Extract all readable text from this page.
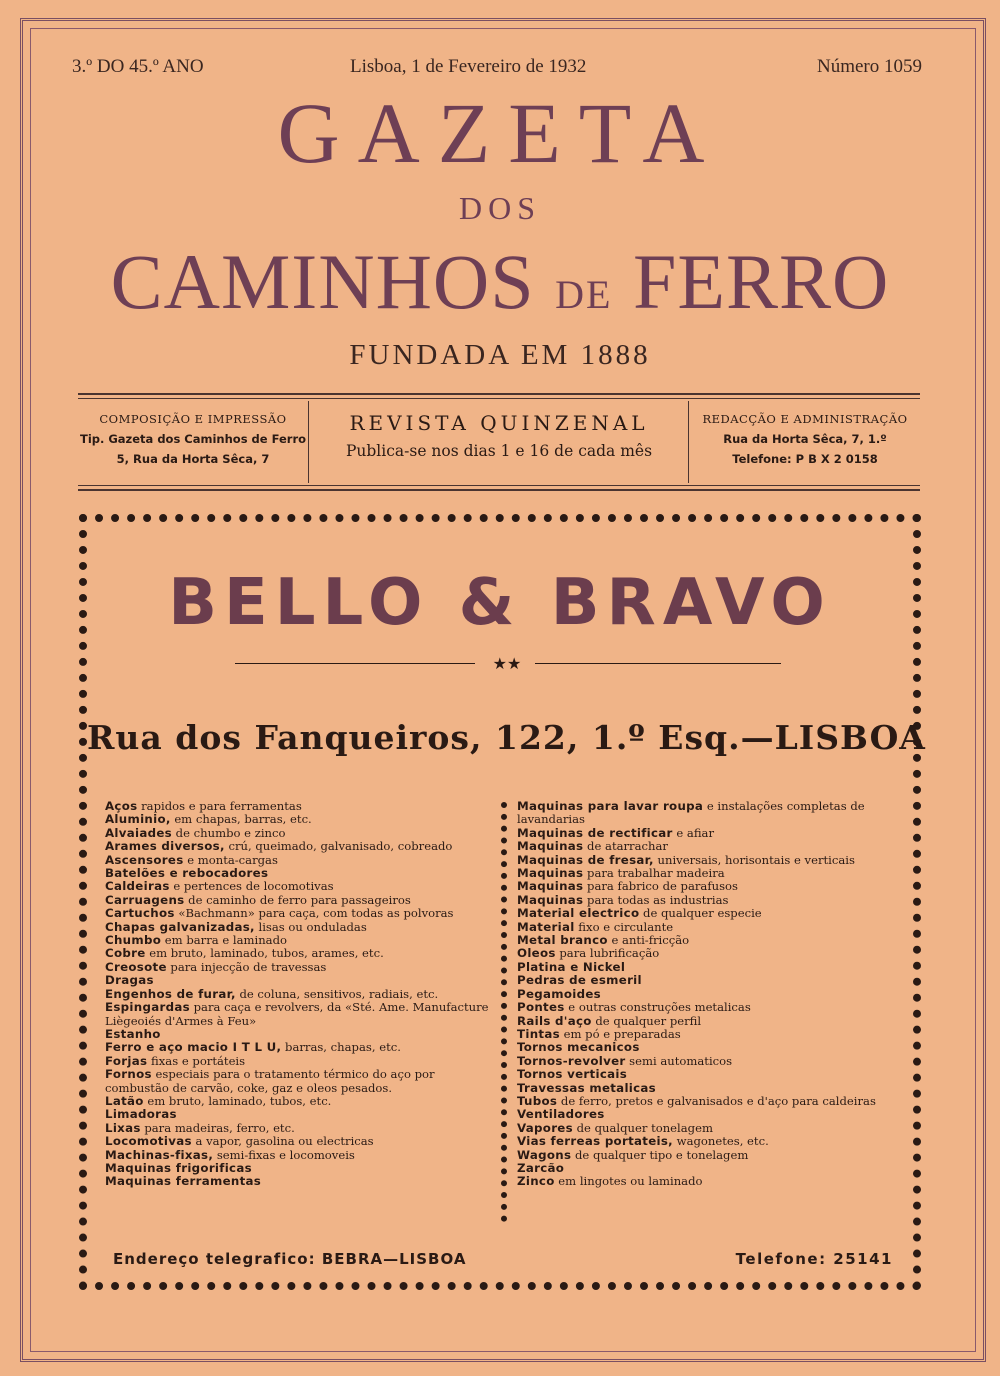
3.º DO 45.º ANO	Lisboa, 1 de Fevereiro de 1932	Número 1059
GAZETA
DOS
CAMINHOS DE FERRO
FUNDADA EM 1888
COMPOSIÇÃO E IMPRESSÃO
Tip. Gazeta dos Caminhos de Ferro
5, Rua da Horta Sêca, 7
REVISTA QUINZENAL
Publica-se nos dias 1 e 16 de cada mês
REDACÇÃO E ADMINISTRAÇÃO
Rua da Horta Sêca, 7, 1.º
Telefone: P B X 2 0158
BELLO & BRAVO
★★
Rua dos Fanqueiros, 122, 1.º Esq.—LISBOA
Aços rapidos e para ferramentas
Aluminio, em chapas, barras, etc.
Alvaiades de chumbo e zinco
Arames diversos, crú, queimado, galvanisado, cobreado
Ascensores e monta-cargas
Batelões e rebocadores
Caldeiras e pertences de locomotivas
Carruagens de caminho de ferro para passageiros
Cartuchos «Bachmann» para caça, com todas as polvoras
Chapas galvanizadas, lisas ou onduladas
Chumbo em barra e laminado
Cobre em bruto, laminado, tubos, arames, etc.
Creosote para injecção de travessas
Dragas
Engenhos de furar, de coluna, sensitivos, radiais, etc.
Espingardas para caça e revolvers, da «Sté. Ame. Manufacture Liègeoiés d'Armes à Feu»
Estanho
Ferro e aço macio I T L U, barras, chapas, etc.
Forjas fixas e portáteis
Fornos especiais para o tratamento térmico do aço por combustão de carvão, coke, gaz e oleos pesados.
Latão em bruto, laminado, tubos, etc.
Limadoras
Lixas para madeiras, ferro, etc.
Locomotivas a vapor, gasolina ou electricas
Machinas-fixas, semi-fixas e locomoveis
Maquinas frigorificas
Maquinas ferramentas
Maquinas para lavar roupa e instalações completas de lavandarias
Maquinas de rectificar e afiar
Maquinas de atarrachar
Maquinas de fresar, universais, horisontais e verticais
Maquinas para trabalhar madeira
Maquinas para fabrico de parafusos
Maquinas para todas as industrias
Material electrico de qualquer especie
Material fixo e circulante
Metal branco e anti-fricção
Oleos para lubrificação
Platina e Nickel
Pedras de esmeril
Pegamoides
Pontes e outras construções metalicas
Rails d'aço de qualquer perfil
Tintas em pó e preparadas
Tornos mecanicos
Tornos-revolver semi automaticos
Tornos verticais
Travessas metalicas
Tubos de ferro, pretos e galvanisados e d'aço para caldeiras
Ventiladores
Vapores de qualquer tonelagem
Vias ferreas portateis, wagonetes, etc.
Wagons de qualquer tipo e tonelagem
Zarcão
Zinco em lingotes ou laminado
Endereço telegrafico: BEBRA—LISBOA	Telefone: 25141
